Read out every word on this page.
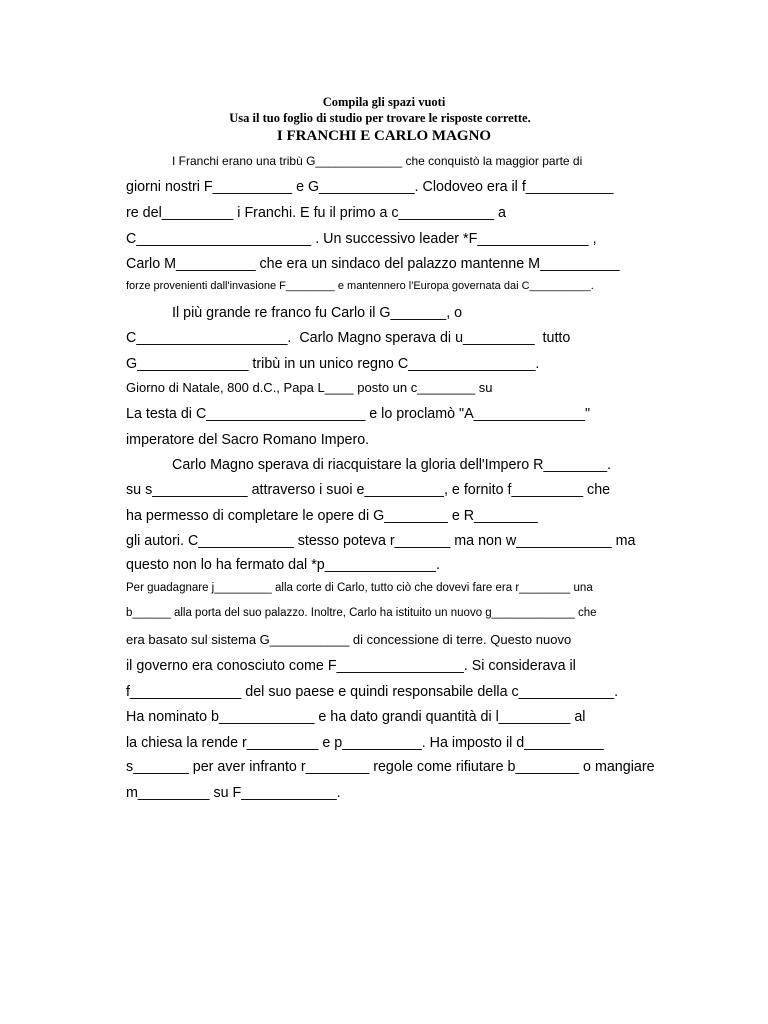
Compila gli spazi vuoti
Usa il tuo foglio di studio per trovare le risposte corrette.
I FRANCHI E CARLO MAGNO
I Franchi erano una tribù G_____________ che conquistò la maggior parte di
giorni nostri F__________ e G____________. Clodoveo era il f___________
re del_________ i Franchi. E fu il primo a c____________ a
C______________________ . Un successivo leader *F______________ ,
Carlo M__________ che era un sindaco del palazzo mantenne M__________
forze provenienti dall'invasione F________ e mantennero l'Europa governata dai C__________.
Il più grande re franco fu Carlo il G_______, o
C___________________.  Carlo Magno sperava di u_________  tutto
G______________ tribù in un unico regno C________________.
Giorno di Natale, 800 d.C., Papa L____ posto un c________ su
La testa di C____________________ e lo proclamò "A______________"
imperatore del Sacro Romano Impero.
Carlo Magno sperava di riacquistare la gloria dell'Impero R________.
su s____________ attraverso i suoi e__________, e fornito f_________ che
ha permesso di completare le opere di G________ e R________
gli autori. C____________ stesso poteva r_______ ma non w____________ ma
questo non lo ha fermato dal *p______________.
Per guadagnare j_________ alla corte di Carlo, tutto ciò che dovevi fare era r________ una
b______ alla porta del suo palazzo. Inoltre, Carlo ha istituito un nuovo g_____________ che
era basato sul sistema G___________ di concessione di terre. Questo nuovo
il governo era conosciuto come F________________. Si considerava il
f______________ del suo paese e quindi responsabile della c____________.
Ha nominato b____________ e ha dato grandi quantità di l_________ al
la chiesa la rende r_________ e p__________. Ha imposto il d__________
s_______ per aver infranto r________ regole come rifiutare b________ o mangiare
m_________ su F____________.
